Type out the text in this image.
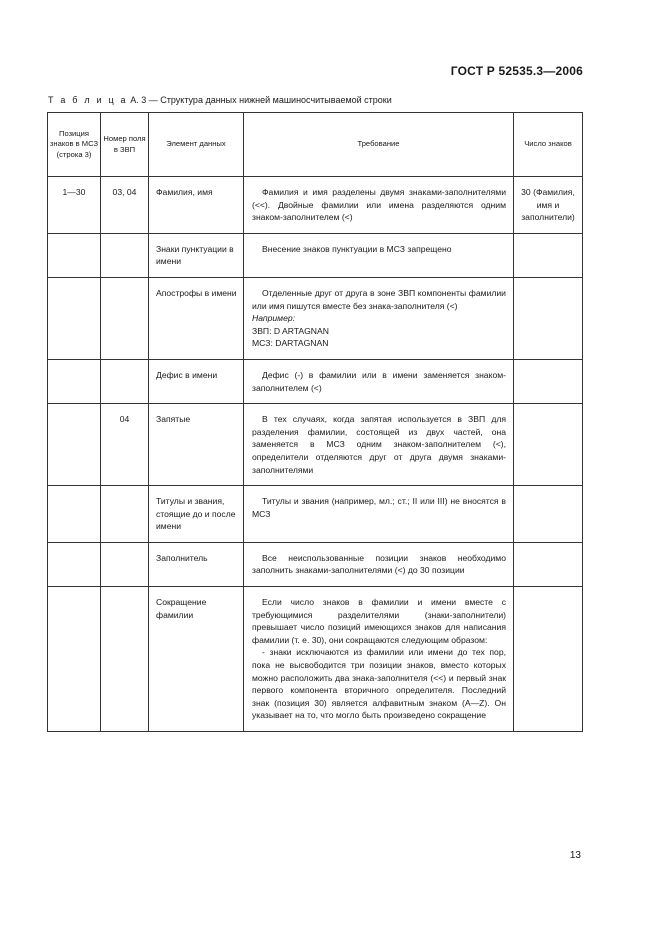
ГОСТ Р 52535.3—2006
Т а б л и ц а А. 3 — Структура данных нижней машиносчитываемой строки
Позиция знаков в МСЗ (строка 3)	Номер поля в ЗВП	Элемент данных	Требование	Число знаков
1—30	03, 04	Фамилия, имя	Фамилия и имя разделены двумя знаками-заполнителями (<<). Двойные фамилии или имена разделяются одним знаком-заполнителем (<)	30 (Фамилия, имя и заполнители)
		Знаки пунктуации в имени	Внесение знаков пунктуации в МСЗ запрещено	

		Апострофы в имени	Отделенные друг от друга в зоне ЗВП компоненты фамилии или имя пишутся вместе без знака-заполнителя (<)
Например:
ЗВП: D ARTAGNAN
МСЗ: DARTAGNAN	

		Дефис в имени	Дефис (-) в фамилии или в имени заменяется знаком-заполнителем (<)	

	04	Запятые	В тех случаях, когда запятая используется в ЗВП для разделения фамилии, состоящей из двух частей, она заменяется в МСЗ одним знаком-заполнителем (<), определители отделяются друг от друга двумя знаками-заполнителями	

		Титулы и звания, стоящие до и после имени	Титулы и звания (например, мл.; ст.; II или III) не вносятся в МСЗ	

		Заполнитель	Все неиспользованные позиции знаков необходимо заполнить знаками-заполнителями (<) до 30 позиции	

		Сокращение фамилии	Если число знаков в фамилии и имени вместе с требующимися разделителями (знаки-заполнители) превышает число позиций имеющихся знаков для написания фамилии (т. е. 30), они сокращаются следующим образом:
- знаки исключаются из фамилии или имени до тех пор, пока не высвободится три позиции знаков, вместо которых можно расположить два знака-заполнителя (<<) и первый знак первого компонента вторичного определителя. Последний знак (позиция 30) является алфавитным знаком (A—Z). Он указывает на то, что могло быть произведено сокращение	

13
